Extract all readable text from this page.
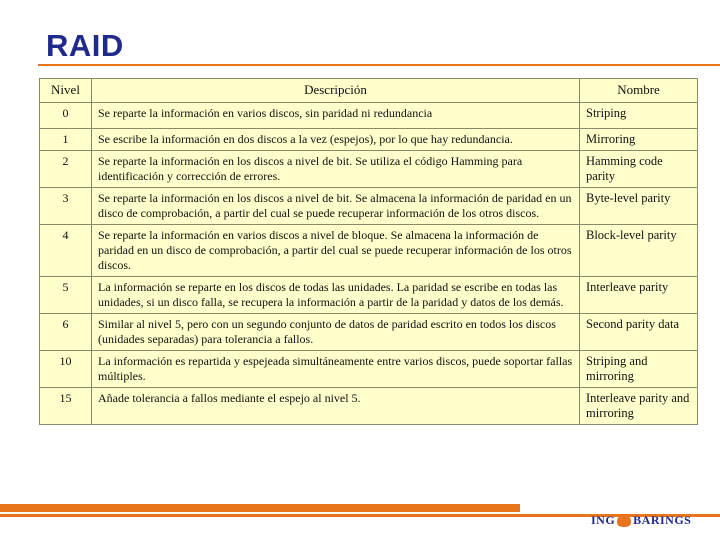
RAID
Nivel	Descripción	Nombre
0	Se reparte la información en varios discos, sin paridad ni redundancia	Striping
1	Se escribe la información en dos discos a la vez (espejos), por lo que hay redundancia.	Mirroring
2	Se reparte la información en los discos a nivel de bit. Se utiliza el código Hamming para identificación y corrección de errores.	Hamming code parity
3	Se reparte la información en los discos a nivel de bit. Se almacena la información de paridad en un disco de comprobación, a partir del cual se puede recuperar información de los otros discos.	Byte-level parity
4	Se reparte la información en varios discos a nivel de bloque. Se almacena la información de paridad en un disco de comprobación, a partir del cual se puede recuperar información de los otros discos.	Block-level parity
5	La información se reparte en los discos de todas las unidades. La paridad se escribe en todas las unidades, si un disco falla, se recupera la información a partir de la paridad y datos de los demás.	Interleave parity
6	Similar al nivel 5, pero con un segundo conjunto de datos de paridad escrito en todos los discos (unidades separadas) para tolerancia a fallos.	Second parity data
10	La información es repartida y espejeada simultáneamente entre varios discos, puede soportar fallas múltiples.	Striping and mirroring
15	Añade tolerancia a fallos mediante el espejo al nivel 5.	Interleave parity and mirroring
ING BARINGS
